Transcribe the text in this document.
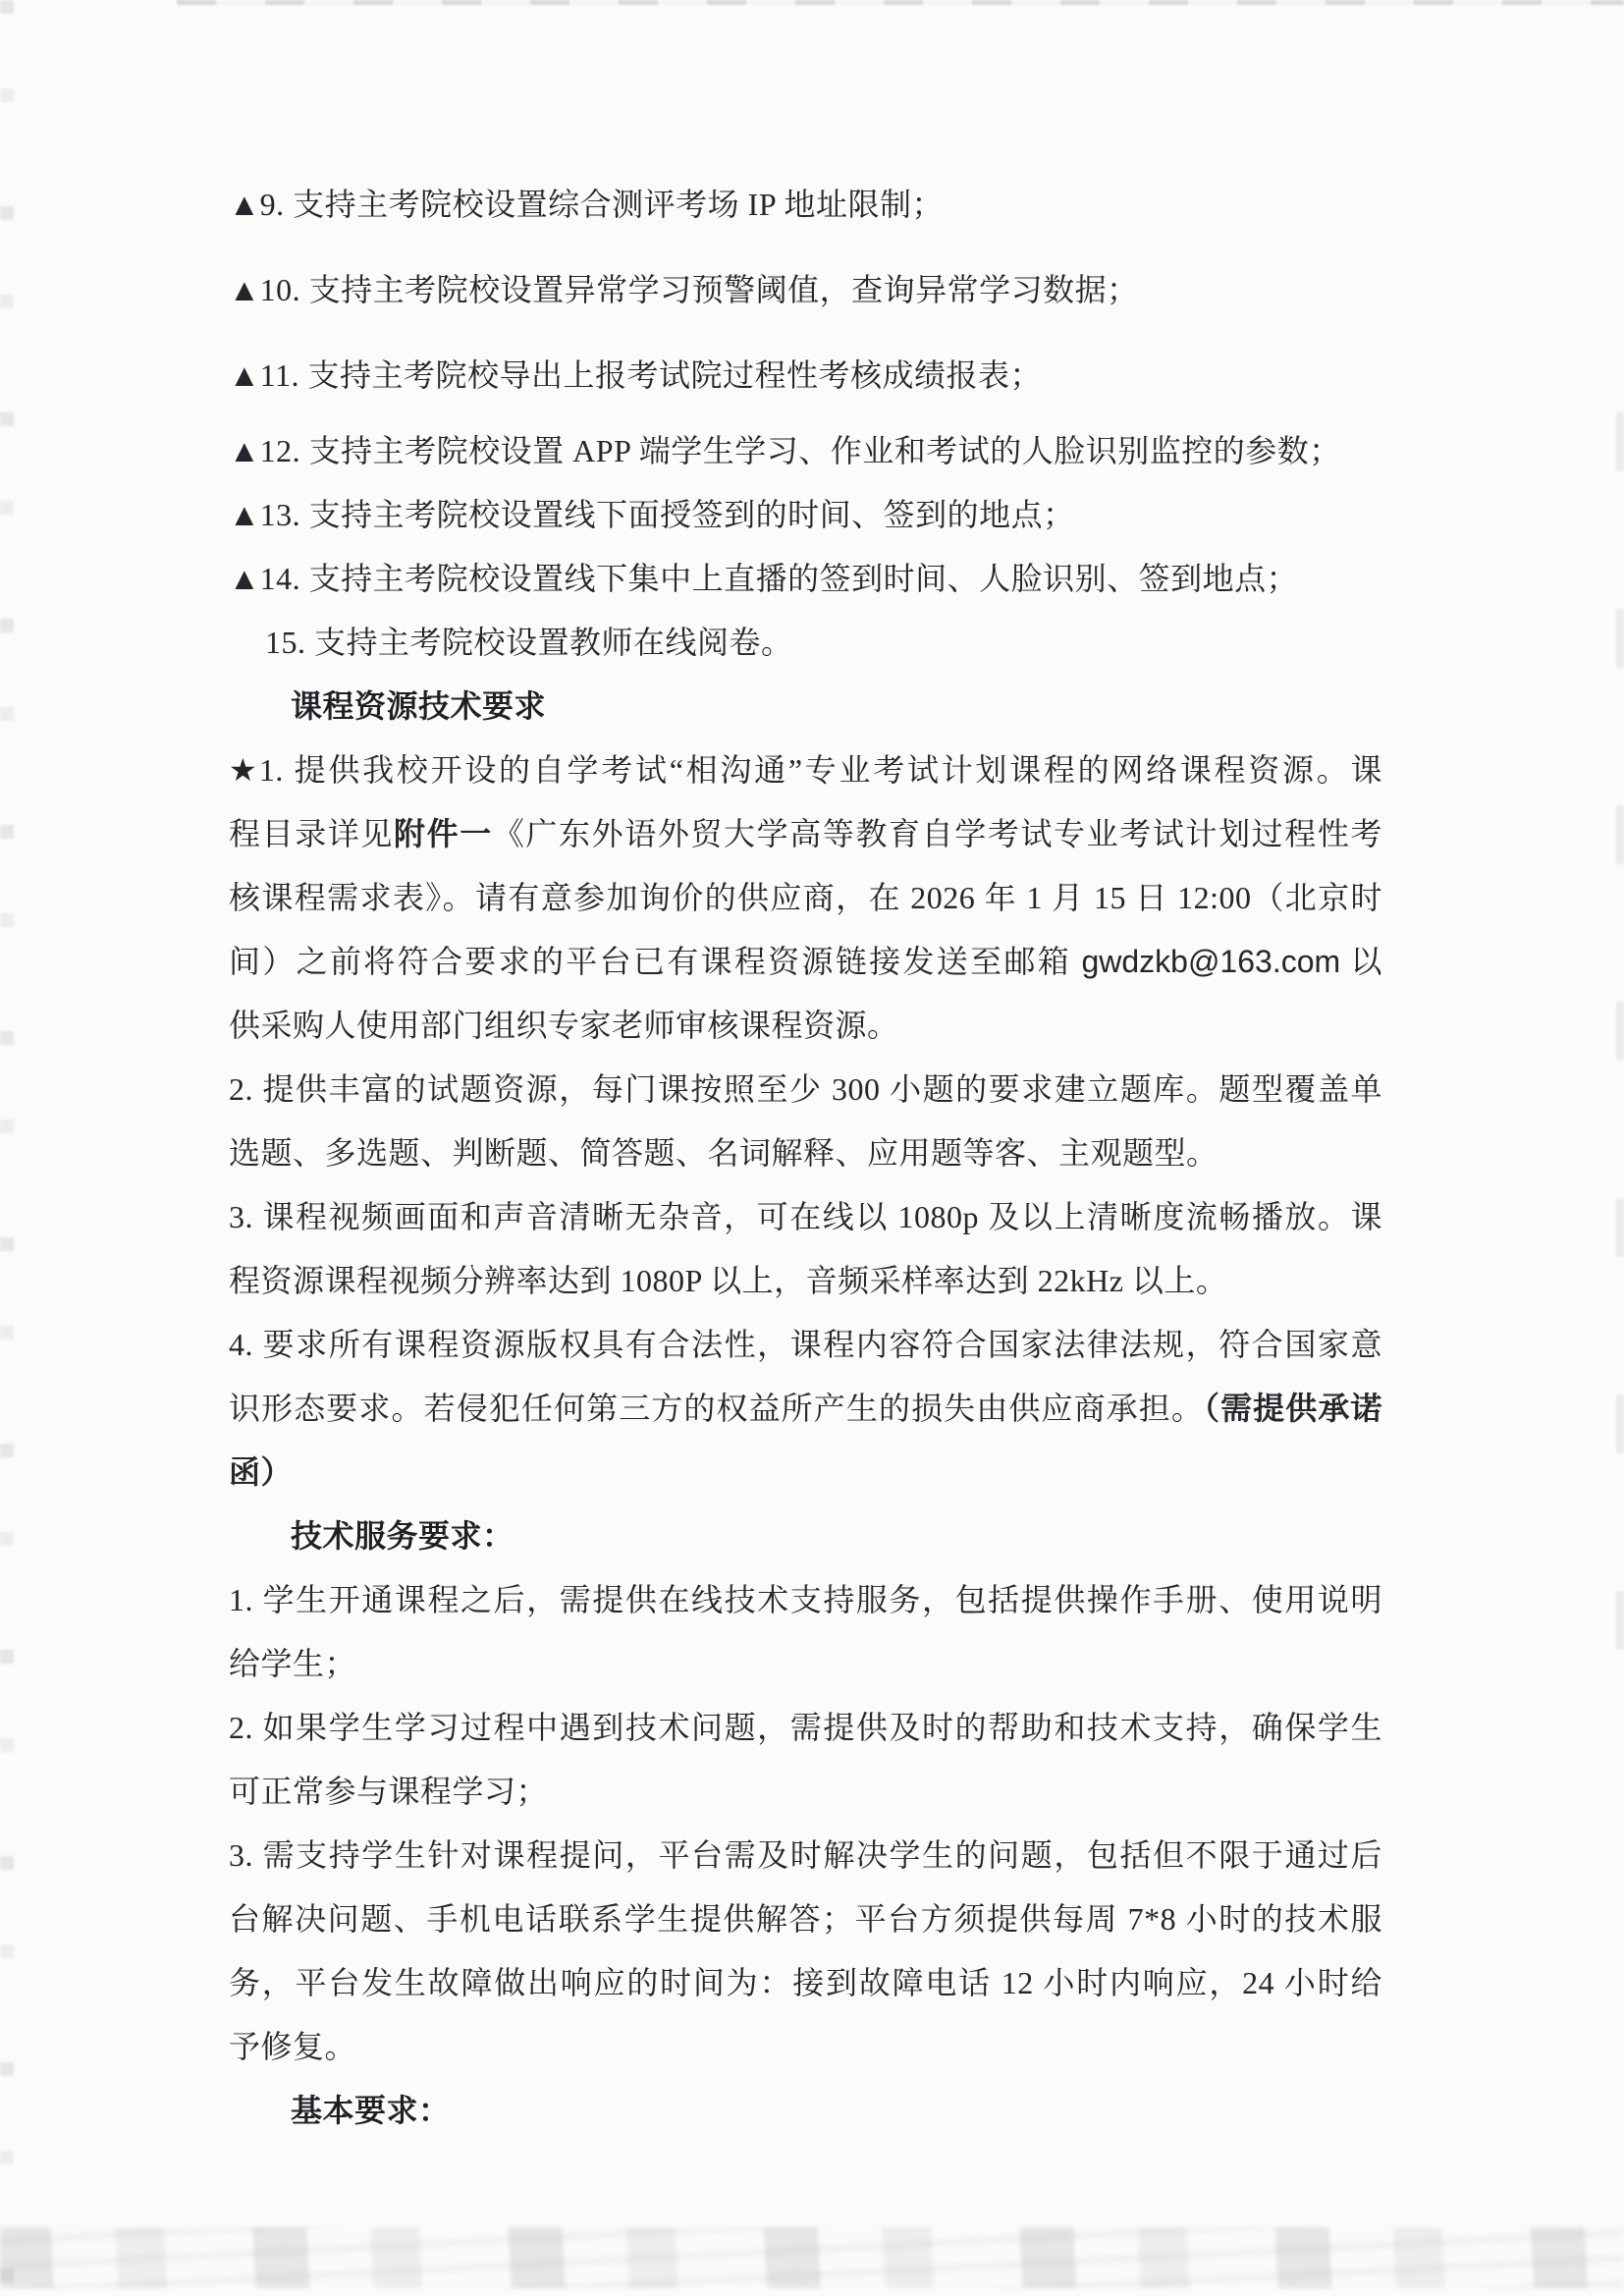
▲9. 支持主考院校设置综合测评考场 IP 地址限制；
▲10. 支持主考院校设置异常学习预警阈值，查询异常学习数据；
▲11. 支持主考院校导出上报考试院过程性考核成绩报表；
▲12. 支持主考院校设置 APP 端学生学习、作业和考试的人脸识别监控的参数；
▲13. 支持主考院校设置线下面授签到的时间、签到的地点；
▲14. 支持主考院校设置线下集中上直播的签到时间、人脸识别、签到地点；
15. 支持主考院校设置教师在线阅卷。
课程资源技术要求
★1. 提供我校开设的自学考试“相沟通”专业考试计划课程的网络课程资源。课
程目录详见附件一《广东外语外贸大学高等教育自学考试专业考试计划过程性考
核课程需求表》。请有意参加询价的供应商，在 2026 年 1 月 15 日 12:00（北京时
间）之前将符合要求的平台已有课程资源链接发送至邮箱 gwdzkb@163.com 以
供采购人使用部门组织专家老师审核课程资源。
2. 提供丰富的试题资源，每门课按照至少 300 小题的要求建立题库。题型覆盖单
选题、多选题、判断题、简答题、名词解释、应用题等客、主观题型。
3. 课程视频画面和声音清晰无杂音，可在线以 1080p 及以上清晰度流畅播放。课
程资源课程视频分辨率达到 1080P 以上，音频采样率达到 22kHz 以上。
4. 要求所有课程资源版权具有合法性，课程内容符合国家法律法规，符合国家意
识形态要求。若侵犯任何第三方的权益所产生的损失由供应商承担。（需提供承诺
函）
技术服务要求：
1. 学生开通课程之后，需提供在线技术支持服务，包括提供操作手册、使用说明
给学生；
2. 如果学生学习过程中遇到技术问题，需提供及时的帮助和技术支持，确保学生
可正常参与课程学习；
3. 需支持学生针对课程提问，平台需及时解决学生的问题，包括但不限于通过后
台解决问题、手机电话联系学生提供解答；平台方须提供每周 7*8 小时的技术服
务，平台发生故障做出响应的时间为：接到故障电话 12 小时内响应，24 小时给
予修复。
基本要求：
